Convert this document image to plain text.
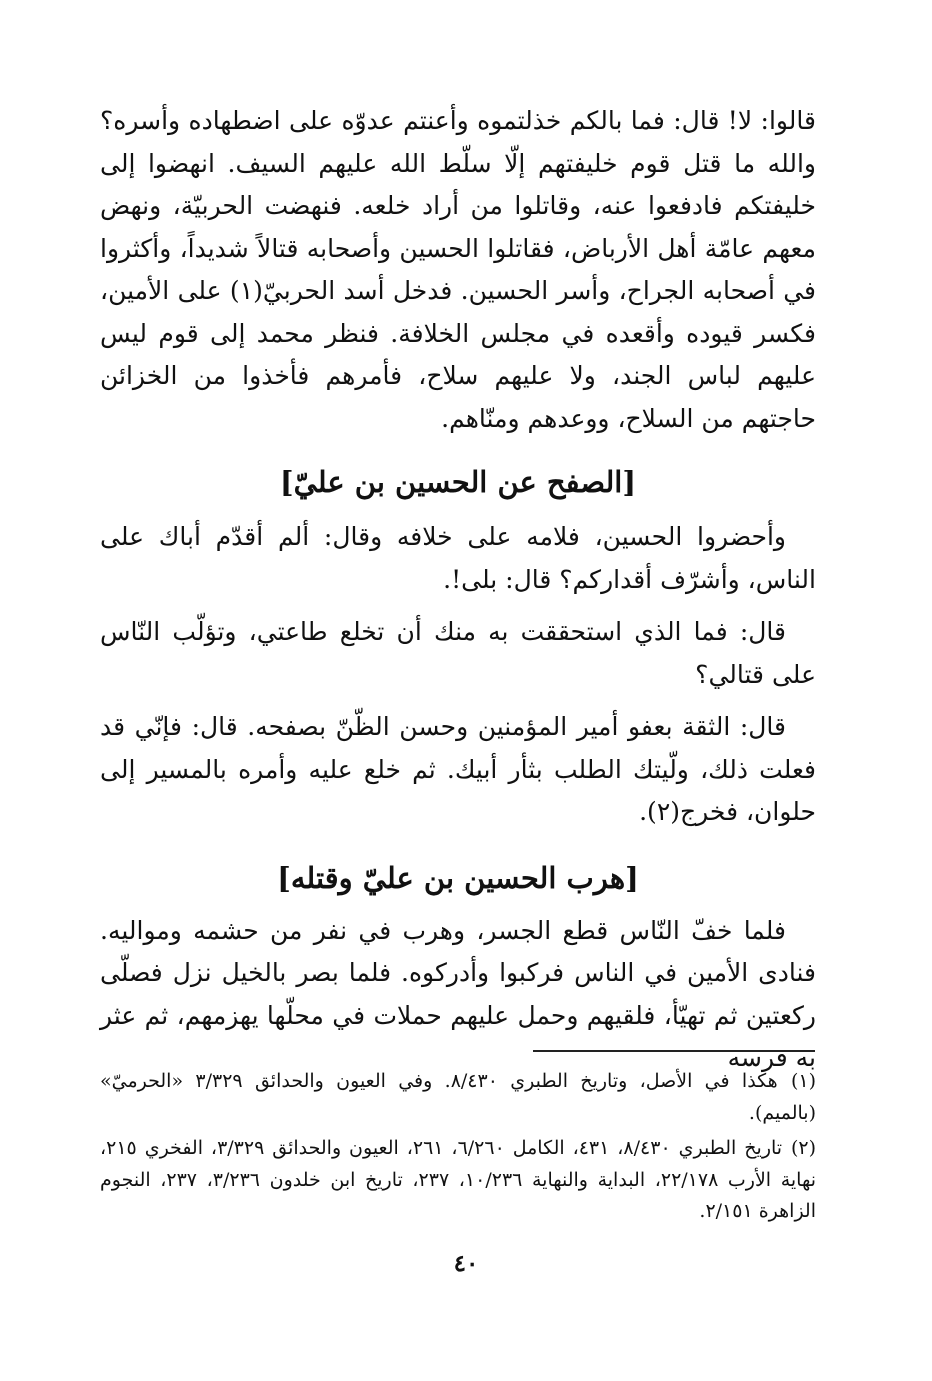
قالوا: لا! قال: فما بالكم خذلتموه وأعنتم عدوّه على اضطهاده وأسره؟ والله ما قتل قوم خليفتهم إلّا سلّط الله عليهم السيف. انهضوا إلى خليفتكم فادفعوا عنه، وقاتلوا من أراد خلعه. فنهضت الحربيّة، ونهض معهم عامّة أهل الأرباض، فقاتلوا الحسين وأصحابه قتالاً شديداً، وأكثروا في أصحابه الجراح، وأسر الحسين. فدخل أسد الحربيّ(١) على الأمين، فكسر قيوده وأقعده في مجلس الخلافة. فنظر محمد إلى قوم ليس عليهم لباس الجند، ولا عليهم سلاح، فأمرهم فأخذوا من الخزائن حاجتهم من السلاح، ووعدهم ومنّاهم.

[الصفح عن الحسين بن عليّ]

وأحضروا الحسين، فلامه على خلافه وقال: ألم أقدّم أباك على الناس، وأشرّف أقداركم؟ قال: بلى!.

قال: فما الذي استحققت به منك أن تخلع طاعتي، وتؤلّب النّاس على قتالي؟

قال: الثقة بعفو أمير المؤمنين وحسن الظّنّ بصفحه. قال: فإنّي قد فعلت ذلك، ولّيتك الطلب بثأر أبيك. ثم خلع عليه وأمره بالمسير إلى حلوان، فخرج(٢).

[هرب الحسين بن عليّ وقتله]

فلما خفّ النّاس قطع الجسر، وهرب في نفر من حشمه ومواليه. فنادى الأمين في الناس فركبوا وأدركوه. فلما بصر بالخيل نزل فصلّى ركعتين ثم تهيّأ، فلقيهم وحمل عليهم حملات في محلّها يهزمهم، ثم عثر به فرسه

(١) هكذا في الأصل، وتاريخ الطبري ٨/٤٣٠. وفي العيون والحدائق ٣/٣٢٩ «الحرميّ» (بالميم).

(٢) تاريخ الطبري ٨/٤٣٠، ٤٣١، الكامل ٦/٢٦٠، ٢٦١، العيون والحدائق ٣/٣٢٩، الفخري ٢١٥، نهاية الأرب ٢٢/١٧٨، البداية والنهاية ١٠/٢٣٦، ٢٣٧، تاريخ ابن خلدون ٣/٢٣٦، ٢٣٧، النجوم الزاهرة ٢/١٥١.

٤٠
